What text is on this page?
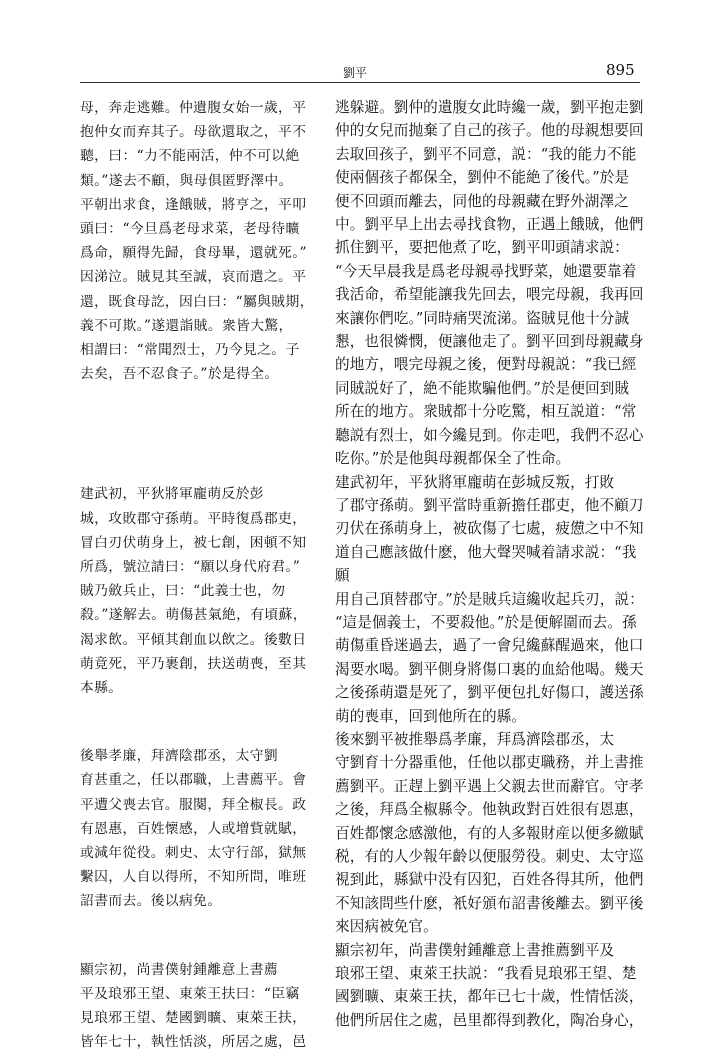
劉平	895

母，奔走逃難。仲遺腹女始一歲，平
抱仲女而弃其子。母欲還取之，平不
聽，曰：“力不能兩活，仲不可以絶
類。”遂去不顧，與母俱匿野澤中。
平朝出求食，逢餓賊，將亨之，平叩
頭曰：“今旦爲老母求菜，老母待曠
爲命，願得先歸，食母畢，還就死。”
因涕泣。賊見其至誠，哀而遣之。平
還，既食母訖，因白曰：“屬與賊期，
義不可欺。”遂還詣賊。衆皆大驚，
相謂曰：“常聞烈士，乃今見之。子
去矣，吾不忍食子。”於是得全。

建武初，平狄將軍龐萌反於彭
城，攻敗郡守孫萌。平時復爲郡吏，
冒白刃伏萌身上，被七創，困頓不知
所爲，號泣請曰：“願以身代府君。”
賊乃斂兵止，曰：“此義士也，勿
殺。”遂解去。萌傷甚氣絶，有頃蘇，
渴求飲。平傾其創血以飲之。後數日
萌竟死，平乃裹創，扶送萌喪，至其
本縣。

後舉孝廉，拜濟陰郡丞，太守劉
育甚重之，任以郡職，上書薦平。會
平遭父喪去官。服闋，拜全椒長。政
有恩惠，百姓懷感，人或增貲就賦，
或減年從役。刺史、太守行部，獄無
繫囚，人自以得所，不知所問，唯班
詔書而去。後以病免。

顯宗初，尚書僕射鍾離意上書薦
平及琅邪王望、東萊王扶曰：“臣竊
見琅邪王望、楚國劉曠、東萊王扶，
皆年七十，執性恬淡，所居之處，邑

逃躲避。劉仲的遺腹女此時纔一歲，劉平抱走劉
仲的女兒而抛棄了自己的孩子。他的母親想要回
去取回孩子，劉平不同意，説：“我的能力不能
使兩個孩子都保全，劉仲不能絶了後代。”於是
便不回頭而離去，同他的母親藏在野外湖澤之
中。劉平早上出去尋找食物，正遇上餓賊，他們
抓住劉平，要把他煮了吃，劉平叩頭請求説：
“今天早晨我是爲老母親尋找野菜，她還要靠着
我活命，希望能讓我先回去，喂完母親，我再回
來讓你們吃。”同時痛哭流涕。盜賊見他十分誠
懇，也很憐憫，便讓他走了。劉平回到母親藏身
的地方，喂完母親之後，便對母親説：“我已經
同賊説好了，絶不能欺騙他們。”於是便回到賊
所在的地方。衆賊都十分吃驚，相互説道：“常
聽説有烈士，如今纔見到。你走吧，我們不忍心
吃你。”於是他與母親都保全了性命。

建武初年，平狄將軍龐萌在彭城反叛，打敗
了郡守孫萌。劉平當時重新擔任郡吏，他不顧刀
刃伏在孫萌身上，被砍傷了七處，疲憊之中不知
道自己應該做什麽，他大聲哭喊着請求説：“我願
用自己頂替郡守。”於是賊兵這纔收起兵刃，説：
“這是個義士，不要殺他。”於是便解圍而去。孫
萌傷重昏迷過去，過了一會兒纔蘇醒過來，他口
渴要水喝。劉平側身將傷口裏的血給他喝。幾天
之後孫萌還是死了，劉平便包扎好傷口，護送孫
萌的喪車，回到他所在的縣。

後來劉平被推舉爲孝廉，拜爲濟陰郡丞，太
守劉育十分器重他，任他以郡吏職務，并上書推
薦劉平。正趕上劉平遇上父親去世而辭官。守孝
之後，拜爲全椒縣令。他執政對百姓很有恩惠，
百姓都懷念感激他，有的人多報財産以便多繳賦
税，有的人少報年齡以便服勞役。刺史、太守巡
視到此，縣獄中没有囚犯，百姓各得其所，他們
不知該問些什麽，衹好頒布詔書後離去。劉平後
來因病被免官。

顯宗初年，尚書僕射鍾離意上書推薦劉平及
琅邪王望、東萊王扶説：“我看見琅邪王望、楚
國劉曠、東萊王扶，都年已七十歲，性情恬淡，
他們所居住之處，邑里都得到教化，陶冶身心，
